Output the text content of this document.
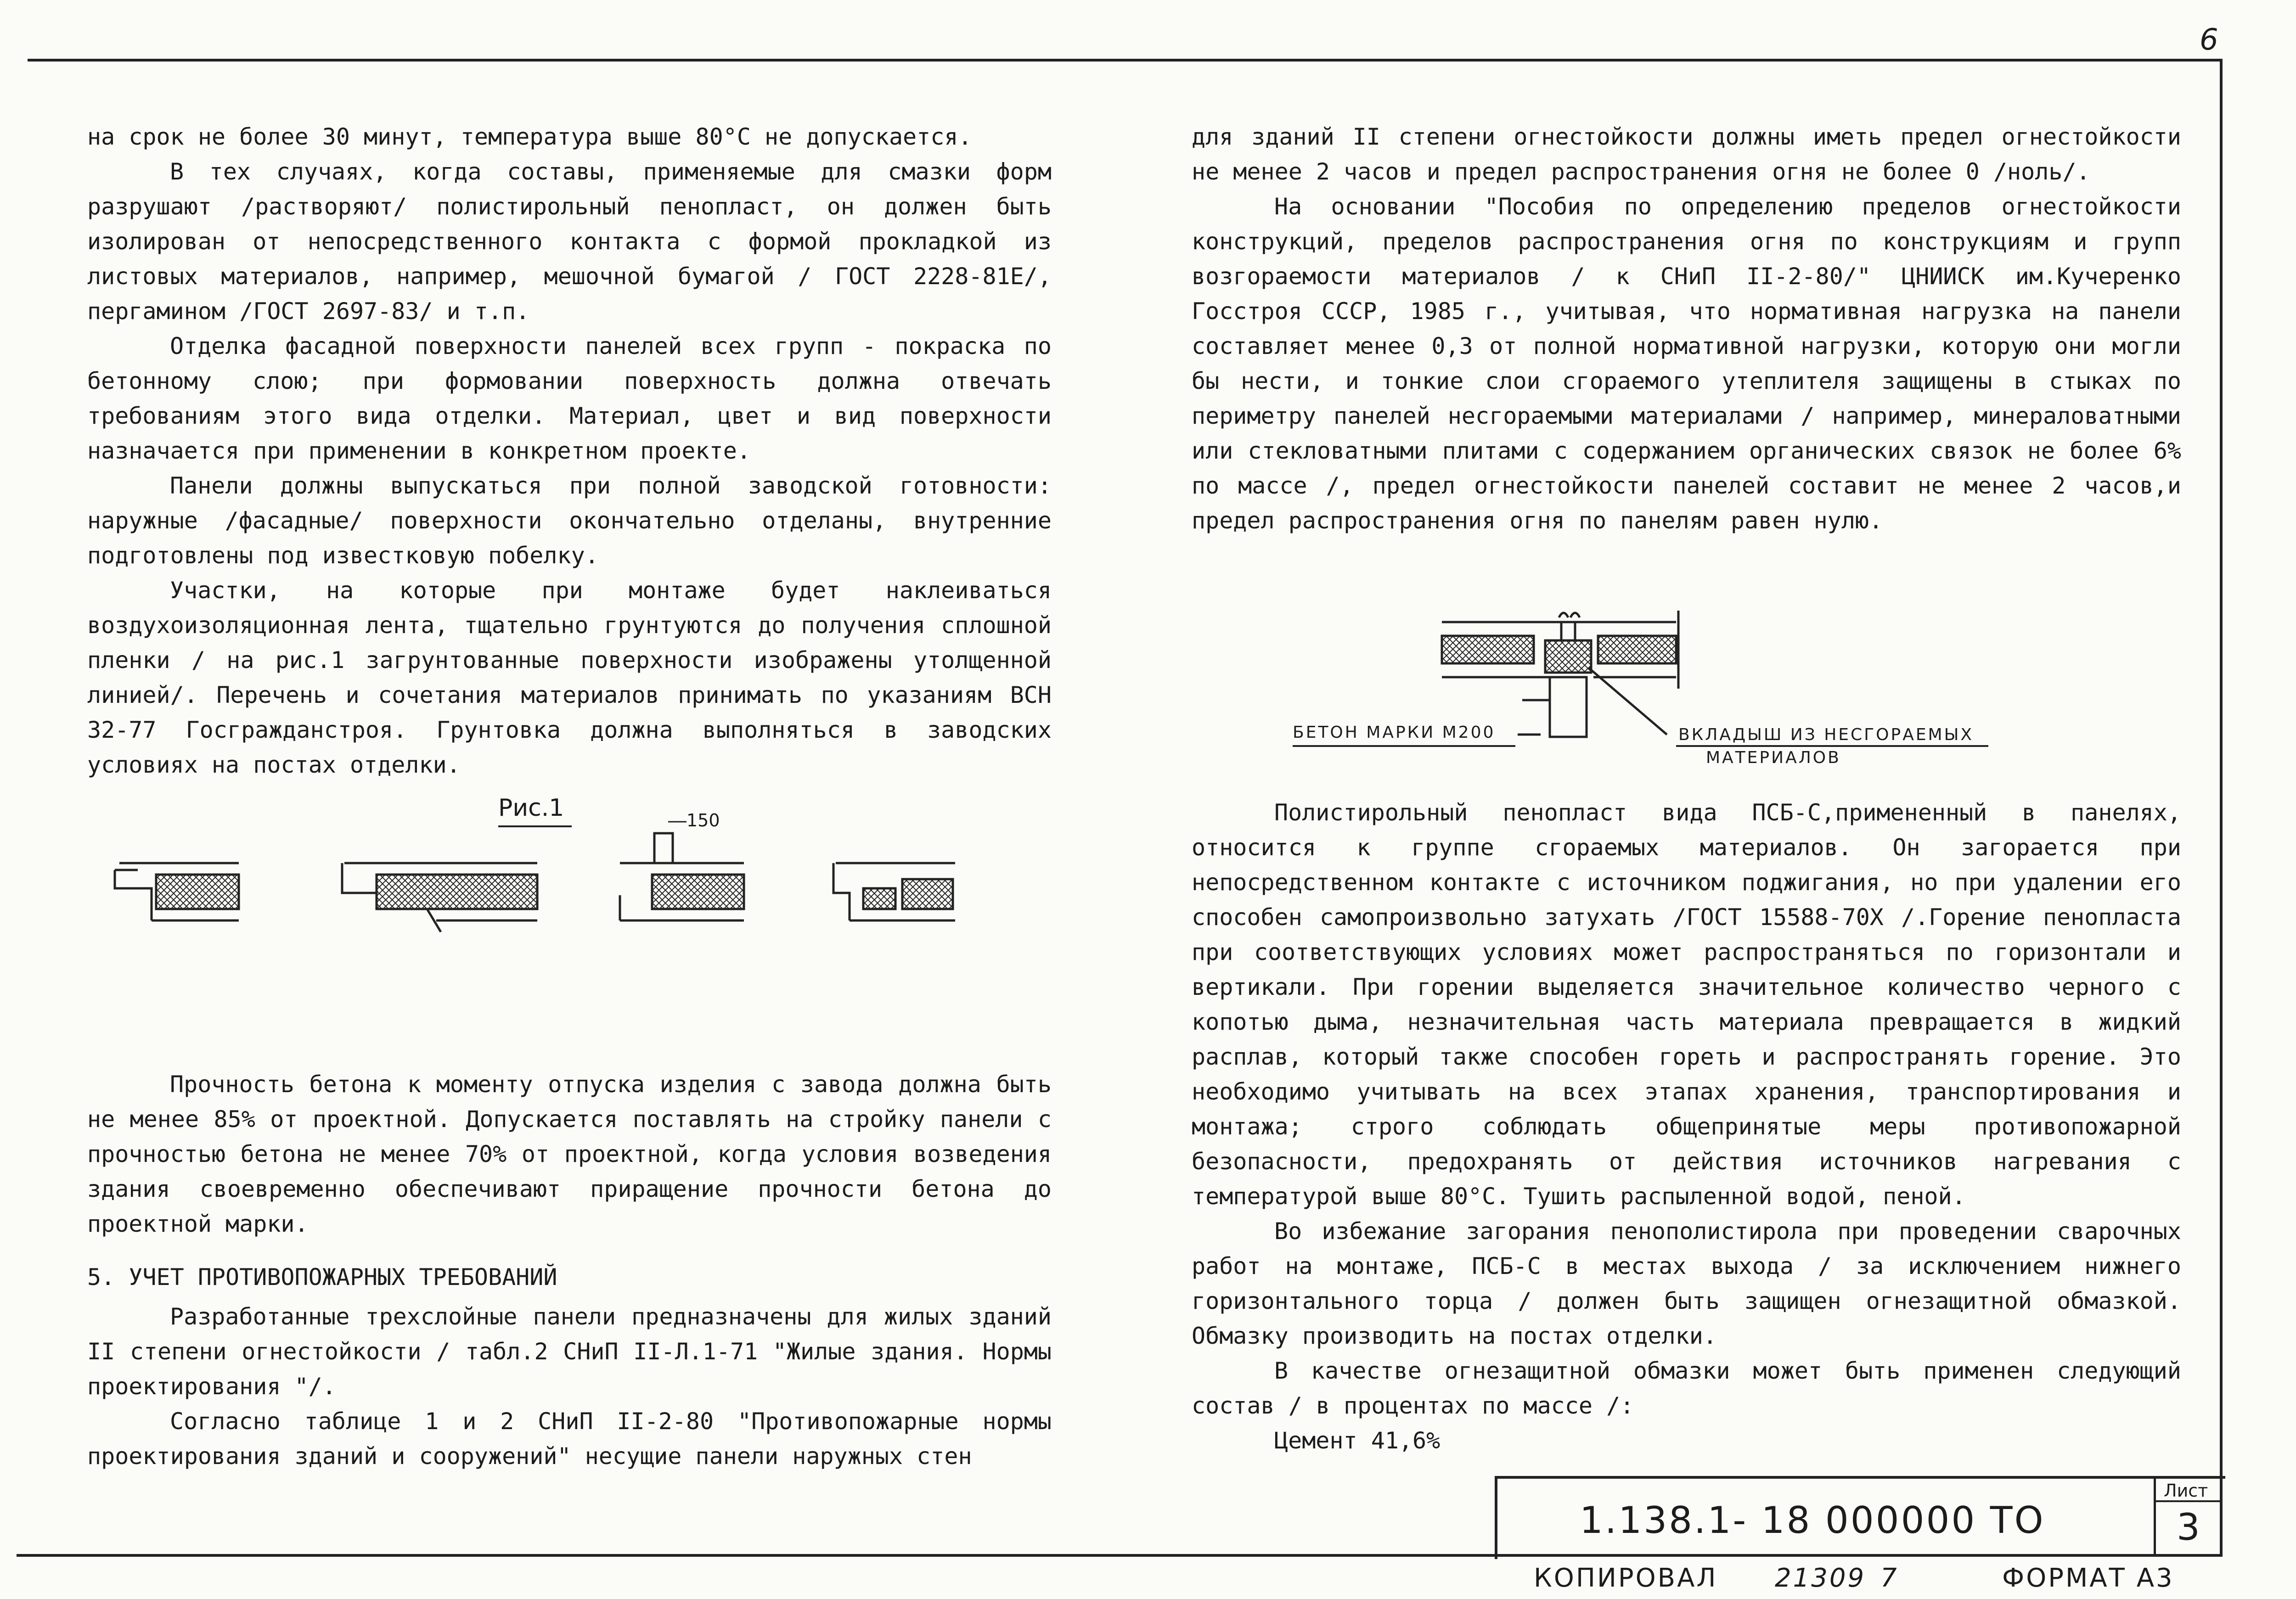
6

на срок не более 30 минут, температура выше 80°С не допускается.

В тех случаях, когда составы, применяемые для смазки форм разрушают /растворяют/ полистирольный пенопласт, он должен быть изолирован от непосредственного контакта с формой прокладкой из листовых материалов, например, мешочной бумагой / ГОСТ 2228-81Е/, пергамином /ГОСТ 2697-83/ и т.п.

Отделка фасадной поверхности панелей всех групп - покраска по бетонному слою; при формовании поверхность должна отвечать требованиям этого вида отделки. Материал, цвет и вид поверхности назначается при применении в конкретном проекте.

Панели должны выпускаться при полной заводской готовности: наружные /фасадные/ поверхности окончательно отделаны, внутренние подготовлены под известковую побелку.

Участки, на которые при монтаже будет наклеиваться воздухоизоляционная лента, тщательно грунтуются до получения сплошной пленки / на рис.1 загрунтованные поверхности изображены утолщенной линией/. Перечень и сочетания материалов принимать по указаниям ВСН 32-77 Госгражданстроя. Грунтовка должна выполняться в заводских условиях на постах отделки.

Прочность бетона к моменту отпуска изделия с завода должна быть не менее 85% от проектной. Допускается поставлять на стройку панели с прочностью бетона не менее 70% от проектной, когда условия возведения здания своевременно обеспечивают приращение прочности бетона до проектной марки.

5. УЧЕТ ПРОТИВОПОЖАРНЫХ ТРЕБОВАНИЙ

Разработанные трехслойные панели предназначены для жилых зданий II степени огнестойкости / табл.2 СНиП II-Л.1-71 "Жилые здания. Нормы проектирования "/.

Согласно таблице 1 и 2 СНиП II-2-80 "Противопожарные нормы проектирования зданий и сооружений" несущие панели наружных стен

Рис.1	150

для зданий II степени огнестойкости должны иметь предел огнестойкости не менее 2 часов и предел распространения огня не более 0 /ноль/.

На основании "Пособия по определению пределов огнестойкости конструкций, пределов распространения огня по конструкциям и групп возгораемости материалов / к СНиП II-2-80/" ЦНИИСК им.Кучеренко Госстроя СССР, 1985 г., учитывая, что нормативная нагрузка на панели составляет менее 0,3 от полной нормативной нагрузки, которую они могли бы нести, и тонкие слои сгораемого утеплителя защищены в стыках по периметру панелей несгораемыми материалами / например, минераловатными или стекловатными плитами с содержанием органических связок не более 6% по массе /, предел огнестойкости панелей составит не менее 2 часов,и предел распространения огня по панелям равен нулю.

Полистирольный пенопласт вида ПСБ-С,примененный в панелях, относится к группе сгораемых материалов. Он загорается при непосредственном контакте с источником поджигания, но при удалении его способен самопроизвольно затухать /ГОСТ 15588-70Х /.Горение пенопласта при соответствующих условиях может распространяться по горизонтали и вертикали. При горении выделяется значительное количество черного с копотью дыма, незначительная часть материала превращается в жидкий расплав, который также способен гореть и распространять горение. Это необходимо учитывать на всех этапах хранения, транспортирования и монтажа; строго соблюдать общепринятые меры противопожарной безопасности, предохранять от действия источников нагревания с температурой выше 80°С. Тушить распыленной водой, пеной.

Во избежание загорания пенополистирола при проведении сварочных работ на монтаже, ПСБ-С в местах выхода / за исключением нижнего горизонтального торца / должен быть защищен огнезащитной обмазкой. Обмазку производить на постах отделки.

В качестве огнезащитной обмазки может быть применен следующий состав / в процентах по массе /:

Цемент 41,6%

БЕТОН МАРКИ М200	ВКЛАДЫШ ИЗ НЕСГОРАЕМЫХ
МАТЕРИАЛОВ
1.138.1- 18 000000 ТО
Лист
3
КОПИРОВАЛ 21309 7	ФОРМАТ А3
